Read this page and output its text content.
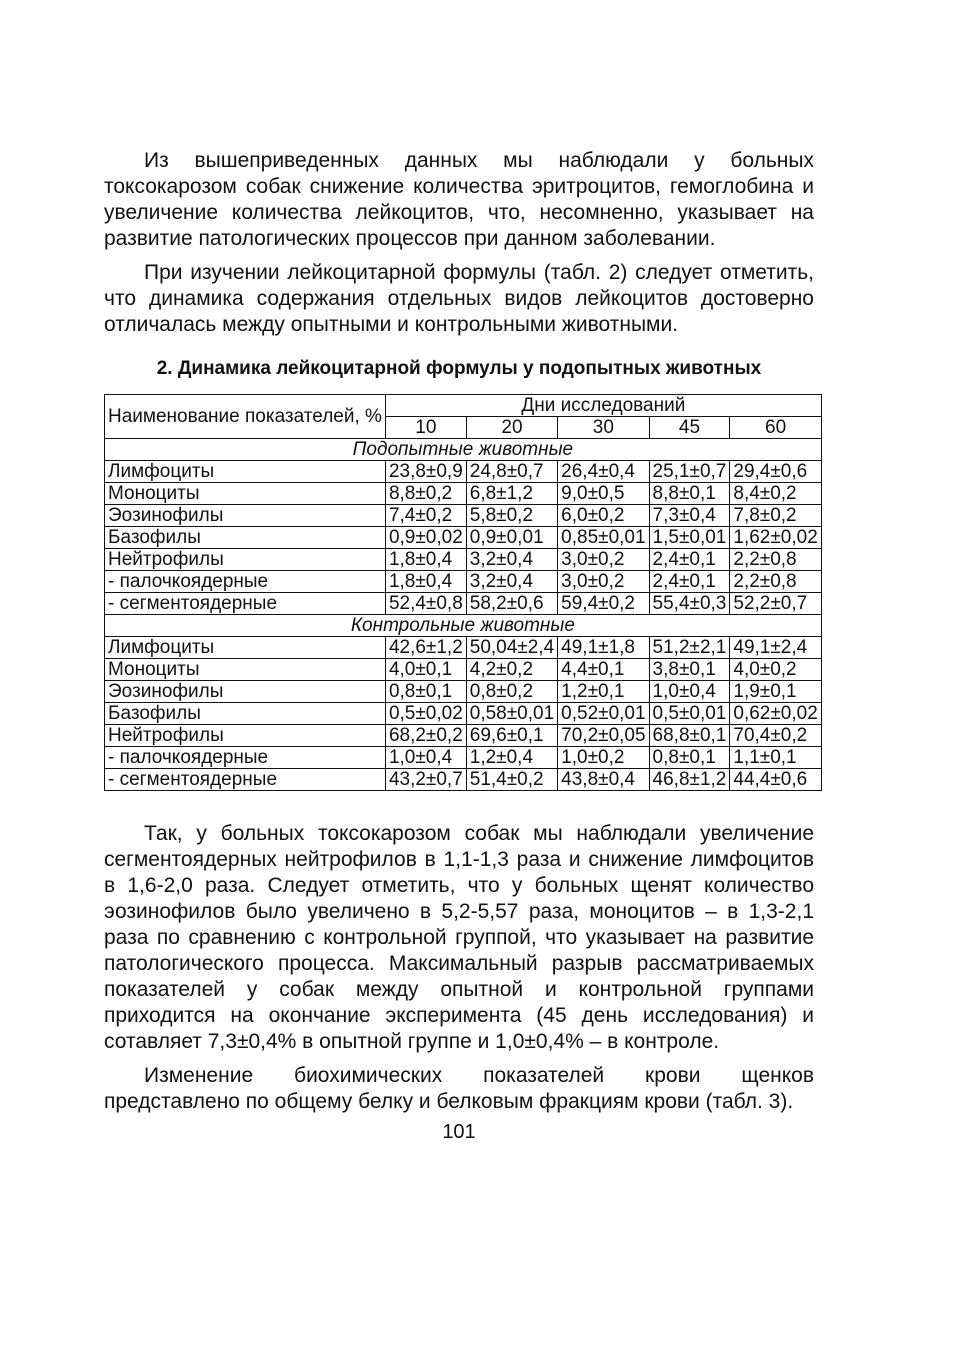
Из вышеприведенных данных мы наблюдали у больных токсокарозом собак снижение количества эритроцитов, гемоглобина и увеличение количества лейкоцитов, что, несомненно, указывает на развитие патологических процессов при данном заболевании.

При изучении лейкоцитарной формулы (табл. 2) следует отметить, что динамика содержания отдельных видов лейкоцитов достоверно отличалась между опытными и контрольными животными.

2. Динамика лейкоцитарной формулы у подопытных животных
Наименование показателей, %	Дни исследований				
	10	20	30	45	60
Подопытные животные					
Лимфоциты	23,8±0,9	24,8±0,7	26,4±0,4	25,1±0,7	29,4±0,6
Моноциты	8,8±0,2	6,8±1,2	9,0±0,5	8,8±0,1	8,4±0,2
Эозинофилы	7,4±0,2	5,8±0,2	6,0±0,2	7,3±0,4	7,8±0,2
Базофилы	0,9±0,02	0,9±0,01	0,85±0,01	1,5±0,01	1,62±0,02
Нейтрофилы	1,8±0,4	3,2±0,4	3,0±0,2	2,4±0,1	2,2±0,8
- палочкоядерные	1,8±0,4	3,2±0,4	3,0±0,2	2,4±0,1	2,2±0,8
- сегментоядерные	52,4±0,8	58,2±0,6	59,4±0,2	55,4±0,3	52,2±0,7
Контрольные животные					
Лимфоциты	42,6±1,2	50,04±2,4	49,1±1,8	51,2±2,1	49,1±2,4
Моноциты	4,0±0,1	4,2±0,2	4,4±0,1	3,8±0,1	4,0±0,2
Эозинофилы	0,8±0,1	0,8±0,2	1,2±0,1	1,0±0,4	1,9±0,1
Базофилы	0,5±0,02	0,58±0,01	0,52±0,01	0,5±0,01	0,62±0,02
Нейтрофилы	68,2±0,2	69,6±0,1	70,2±0,05	68,8±0,1	70,4±0,2
- палочкоядерные	1,0±0,4	1,2±0,4	1,0±0,2	0,8±0,1	1,1±0,1
- сегментоядерные	43,2±0,7	51,4±0,2	43,8±0,4	46,8±1,2	44,4±0,6

Так, у больных токсокарозом собак мы наблюдали увеличение сегментоядерных нейтрофилов в 1,1-1,3 раза и снижение лимфоцитов в 1,6-2,0 раза. Следует отметить, что у больных щенят количество эозинофилов было увеличено в 5,2-5,57 раза, моноцитов – в 1,3-2,1 раза по сравнению с контрольной группой, что указывает на развитие патологического процесса. Максимальный разрыв рассматриваемых показателей у собак между опытной и контрольной группами приходится на окончание эксперимента (45 день исследования) и сотавляет 7,3±0,4% в опытной группе и 1,0±0,4% – в контроле.

Изменение биохимических показателей крови щенков представлено по общему белку и белковым фракциям крови (табл. 3).

101
